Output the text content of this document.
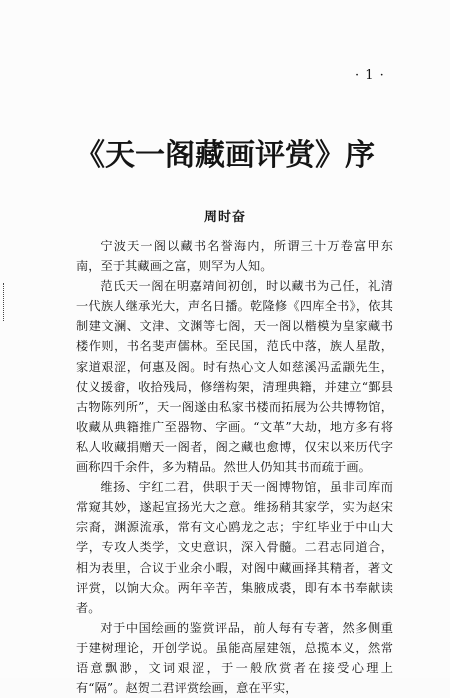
· 1 ·
《天一阁藏画评赏》序
周时奋

宁波天一阁以藏书名誉海内，所谓三十万卷富甲东南，至于其藏画之富，则罕为人知。

范氏天一阁在明嘉靖间初创，时以藏书为己任，礼清一代族人继承光大，声名日播。乾隆修《四库全书》，依其制建文澜、文津、文渊等七阁，天一阁以楷模为皇家藏书楼作则，书名斐声儒林。至民国，范氏中落，族人星散，家道艰涩，何惠及阁。时有热心文人如慈溪冯孟颛先生，仗义援畲，收拾残局，修缮构架，清理典籍，并建立“鄞县古物陈列所”，天一阁遂由私家书楼而拓展为公共博物馆，收藏从典籍推广至器物、字画。“文革”大劫，地方多有将私人收藏捐赠天一阁者，阁之藏也愈博，仅宋以来历代字画称四千余件，多为精品。然世人仍知其书而疏于画。

维扬、宇红二君，供职于天一阁博物馆，虽非司库而常窥其妙，遂起宣扬光大之意。维扬稍其家学，实为赵宋宗裔，渊源流承，常有文心鸥龙之志；宇红毕业于中山大学，专攻人类学，文史意识，深入骨髓。二君志同道合，相为表里，合议于业余小暇，对阁中藏画择其精者，著文评赏，以饷大众。两年辛苦，集腋成裘，即有本书奉献读者。

对于中国绘画的鉴赏评品，前人每有专著，然多侧重于建树理论，开创学说。虽能高屋建瓴，总揽本义，然常语意飘渺，文词艰涩，于一般欣赏者在接受心理上有“隔”。赵贺二君评赏绘画，意在平实，
